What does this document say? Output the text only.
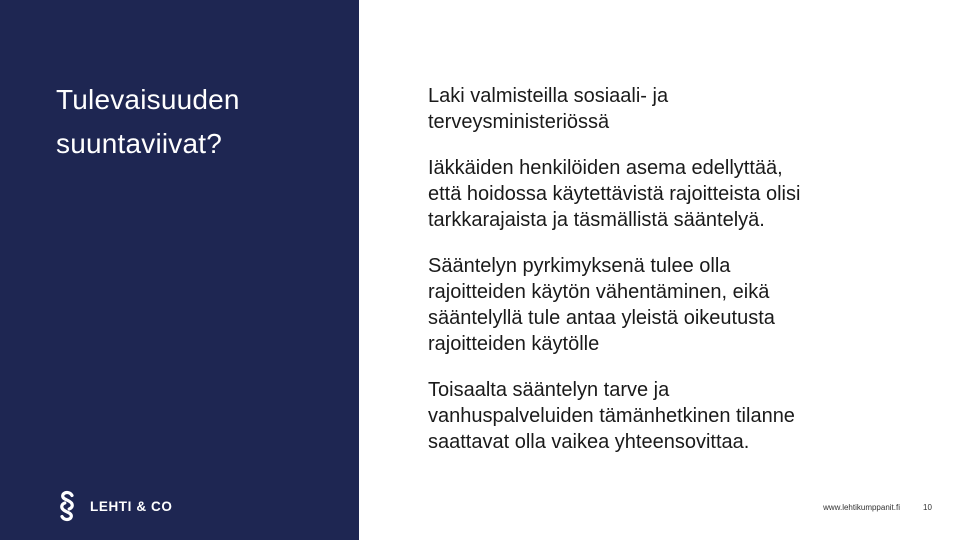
Tulevaisuuden
suuntaviivat?
LEHTI & CO

Laki valmisteilla sosiaali- ja
terveysministeriössä

Iäkkäiden henkilöiden asema edellyttää,
että hoidossa käytettävistä rajoitteista olisi
tarkkarajaista ja täsmällistä sääntelyä.

Sääntelyn pyrkimyksenä tulee olla
rajoitteiden käytön vähentäminen, eikä
sääntelyllä tule antaa yleistä oikeutusta
rajoitteiden käytölle

Toisaalta sääntelyn tarve ja
vanhuspalveluiden tämänhetkinen tilanne
saattavat olla vaikea yhteensovittaa.

www.lehtikumppanit.fi	10
